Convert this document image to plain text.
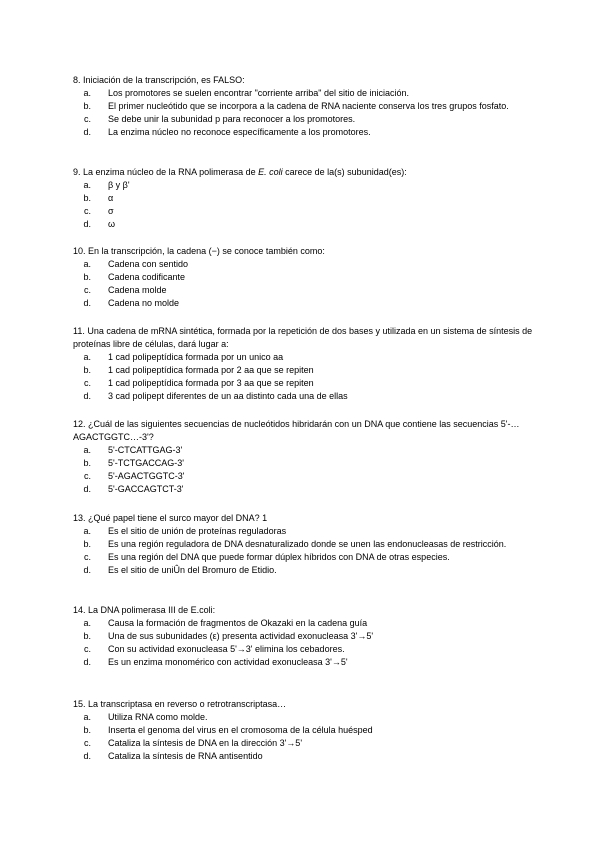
8. Iniciación de la transcripción, es FALSO:

a.	Los promotores se suelen encontrar "corriente arriba" del sitio de iniciación.
b.	El primer nucleótido que se incorpora a la cadena de RNA naciente conserva los tres grupos fosfato.
c.	Se debe unir la subunidad p para reconocer a los promotores.
d.	La enzima núcleo no reconoce específicamente a los promotores.

9. La enzima núcleo de la RNA polimerasa de E. coli carece de la(s) subunidad(es):

a.	β y β'
b.	α
c.	σ
d.	ω

10. En la transcripción, la cadena (−) se conoce también como:

a.	Cadena con sentido
b.	Cadena codificante
c.	Cadena molde
d.	Cadena no molde

11. Una cadena de mRNA sintética, formada por la repetición de dos bases y utilizada en un sistema de síntesis de proteínas libre de células, dará lugar a:

a.	1 cad polipeptídica formada por un unico aa
b.	1 cad polipeptídica formada por 2 aa que se repiten
c.	1 cad polipeptídica formada por 3 aa que se repiten
d.	3 cad polipept diferentes de un aa distinto cada una de ellas

12. ¿Cuál de las siguientes secuencias de nucleótidos hibridarán con un DNA que contiene las secuencias 5'-…AGACTGGTC…-3'?

a.	5'-CTCATTGAG-3'
b.	5'-TCTGACCAG-3'
c.	5'-AGACTGGTC-3'
d.	5'-GACCAGTCT-3'

13. ¿Qué papel tiene el surco mayor del DNA? 1

a.	Es el sitio de unión de proteínas reguladoras
b.	Es una región reguladora de DNA desnaturalizado donde se unen las endonucleasas de restricción.
c.	Es una región del DNA que puede formar dúplex híbridos con DNA de otras especies.
d.	Es el sitio de uniÛn del Bromuro de Etidio.

14. La DNA polimerasa III de E.coli:

a.	Causa la formación de fragmentos de Okazaki en la cadena guía
b.	Una de sus subunidades (ε) presenta actividad exonucleasa 3'→5'
c.	Con su actividad exonucleasa 5'→3' elimina los cebadores.
d.	Es un enzima monomérico con actividad exonucleasa 3'→5'

15. La transcriptasa en reverso o retrotranscriptasa…

a.	Utiliza RNA como molde.
b.	Inserta el genoma del virus en el cromosoma de la célula huésped
c.	Cataliza la síntesis de DNA en la dirección 3'→5'
d.	Cataliza la síntesis de RNA antisentido
